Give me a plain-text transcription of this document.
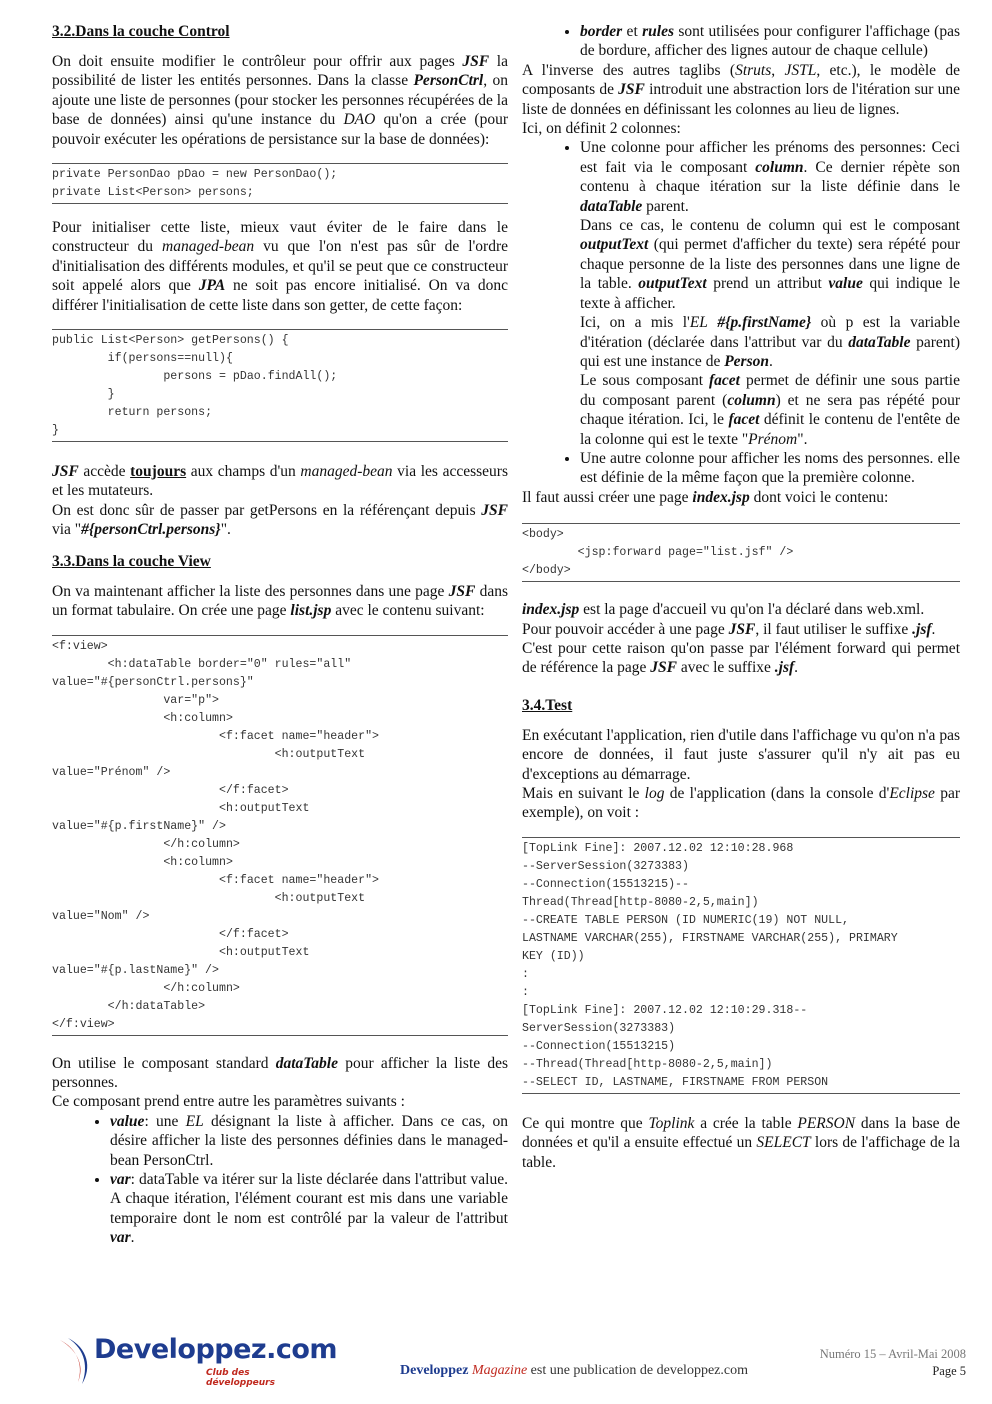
3.2.Dans la couche Control

On doit ensuite modifier le contrôleur pour offrir aux pages JSF la possibilité de lister les entités personnes. Dans la classe PersonCtrl, on ajoute une liste de personnes (pour stocker les personnes récupérées de la base de données) ainsi qu'une instance du DAO qu'on a crée (pour pouvoir exécuter les opérations de persistance sur la base de données):

private PersonDao pDao = new PersonDao();
private List<Person> persons;

Pour initialiser cette liste, mieux vaut éviter de le faire dans le constructeur du managed-bean vu que l'on n'est pas sûr de l'ordre d'initialisation des différents modules, et qu'il se peut que ce constructeur soit appelé alors que JPA ne soit pas encore initialisé. On va donc différer l'initialisation de cette liste dans son getter, de cette façon:

public List<Person> getPersons() {
if(persons==null){
persons = pDao.findAll();
}
return persons;
}

JSF accède toujours aux champs d'un managed-bean via les accesseurs et les mutateurs.

On est donc sûr de passer par getPersons en la référençant depuis JSF via "#{personCtrl.persons}".

3.3.Dans la couche View

On va maintenant afficher la liste des personnes dans une page JSF dans un format tabulaire. On crée une page list.jsp avec le contenu suivant:

<f:view>
<h:dataTable border="0" rules="all"
value="#{personCtrl.persons}"
var="p">
<h:column>
<f:facet name="header">
<h:outputText
value="Prénom" />
</f:facet>
<h:outputText
value="#{p.firstName}" />
</h:column>
<h:column>
<f:facet name="header">
<h:outputText
value="Nom" />
</f:facet>
<h:outputText
value="#{p.lastName}" />
</h:column>
</h:dataTable>
</f:view>

On utilise le composant standard dataTable pour afficher la liste des personnes.

Ce composant prend entre autre les paramètres suivants :

• value: une EL désignant la liste à afficher. Dans ce cas, on désire afficher la liste des personnes définies dans le managed-bean PersonCtrl.
• var: dataTable va itérer sur la liste déclarée dans l'attribut value. A chaque itération, l'élément courant est mis dans une variable temporaire dont le nom est contrôlé par la valeur de l'attribut var.
• border et rules sont utilisées pour configurer l'affichage (pas de bordure, afficher des lignes autour de chaque cellule)

A l'inverse des autres taglibs (Struts, JSTL, etc.), le modèle de composants de JSF introduit une abstraction lors de l'itération sur une liste de données en définissant les colonnes au lieu de lignes.

Ici, on définit 2 colonnes:

• Une colonne pour afficher les prénoms des personnes: Ceci est fait via le composant column. Ce dernier répète son contenu à chaque itération sur la liste définie dans le dataTable parent.
Dans ce cas, le contenu de column qui est le composant outputText (qui permet d'afficher du texte) sera répété pour chaque personne de la liste des personnes dans une ligne de la table. outputText prend un attribut value qui indique le texte à afficher.
Ici, on a mis l'EL #{p.firstName} où p est la variable d'itération (déclarée dans l'attribut var du dataTable parent) qui est une instance de Person.
Le sous composant facet permet de définir une sous partie du composant parent (column) et ne sera pas répété pour chaque itération. Ici, le facet définit le contenu de l'entête de la colonne qui est le texte "Prénom".
• Une autre colonne pour afficher les noms des personnes. elle est définie de la même façon que la première colonne.

Il faut aussi créer une page index.jsp dont voici le contenu:

<body>
<jsp:forward page="list.jsf" />
</body>

index.jsp est la page d'accueil vu qu'on l'a déclaré dans web.xml.

Pour pouvoir accéder à une page JSF, il faut utiliser le suffixe .jsf.

C'est pour cette raison qu'on passe par l'élément forward qui permet de référence la page JSF avec le suffixe .jsf.

3.4.Test

En exécutant l'application, rien d'utile dans l'affichage vu qu'on n'a pas encore de données, il faut juste s'assurer qu'il n'y ait pas eu d'exceptions au démarrage.

Mais en suivant le log de l'application (dans la console d'Eclipse par exemple), on voit :

[TopLink Fine]: 2007.12.02 12:10:28.968
--ServerSession(3273383)
--Connection(15513215)--
Thread(Thread[http-8080-2,5,main])
--CREATE TABLE PERSON (ID NUMERIC(19) NOT NULL,
LASTNAME VARCHAR(255), FIRSTNAME VARCHAR(255), PRIMARY
KEY (ID))
:
:
[TopLink Fine]: 2007.12.02 12:10:29.318--
ServerSession(3273383)
--Connection(15513215)
--Thread(Thread[http-8080-2,5,main])
--SELECT ID, LASTNAME, FIRSTNAME FROM PERSON

Ce qui montre que Toplink a crée la table PERSON dans la base de données et qu'il a ensuite effectué un SELECT lors de l'affichage de la table.

Developpez.com
Club des développeurs
Developpez Magazine est une publication de developpez.com
Numéro 15 – Avril-Mai 2008
Page 5
